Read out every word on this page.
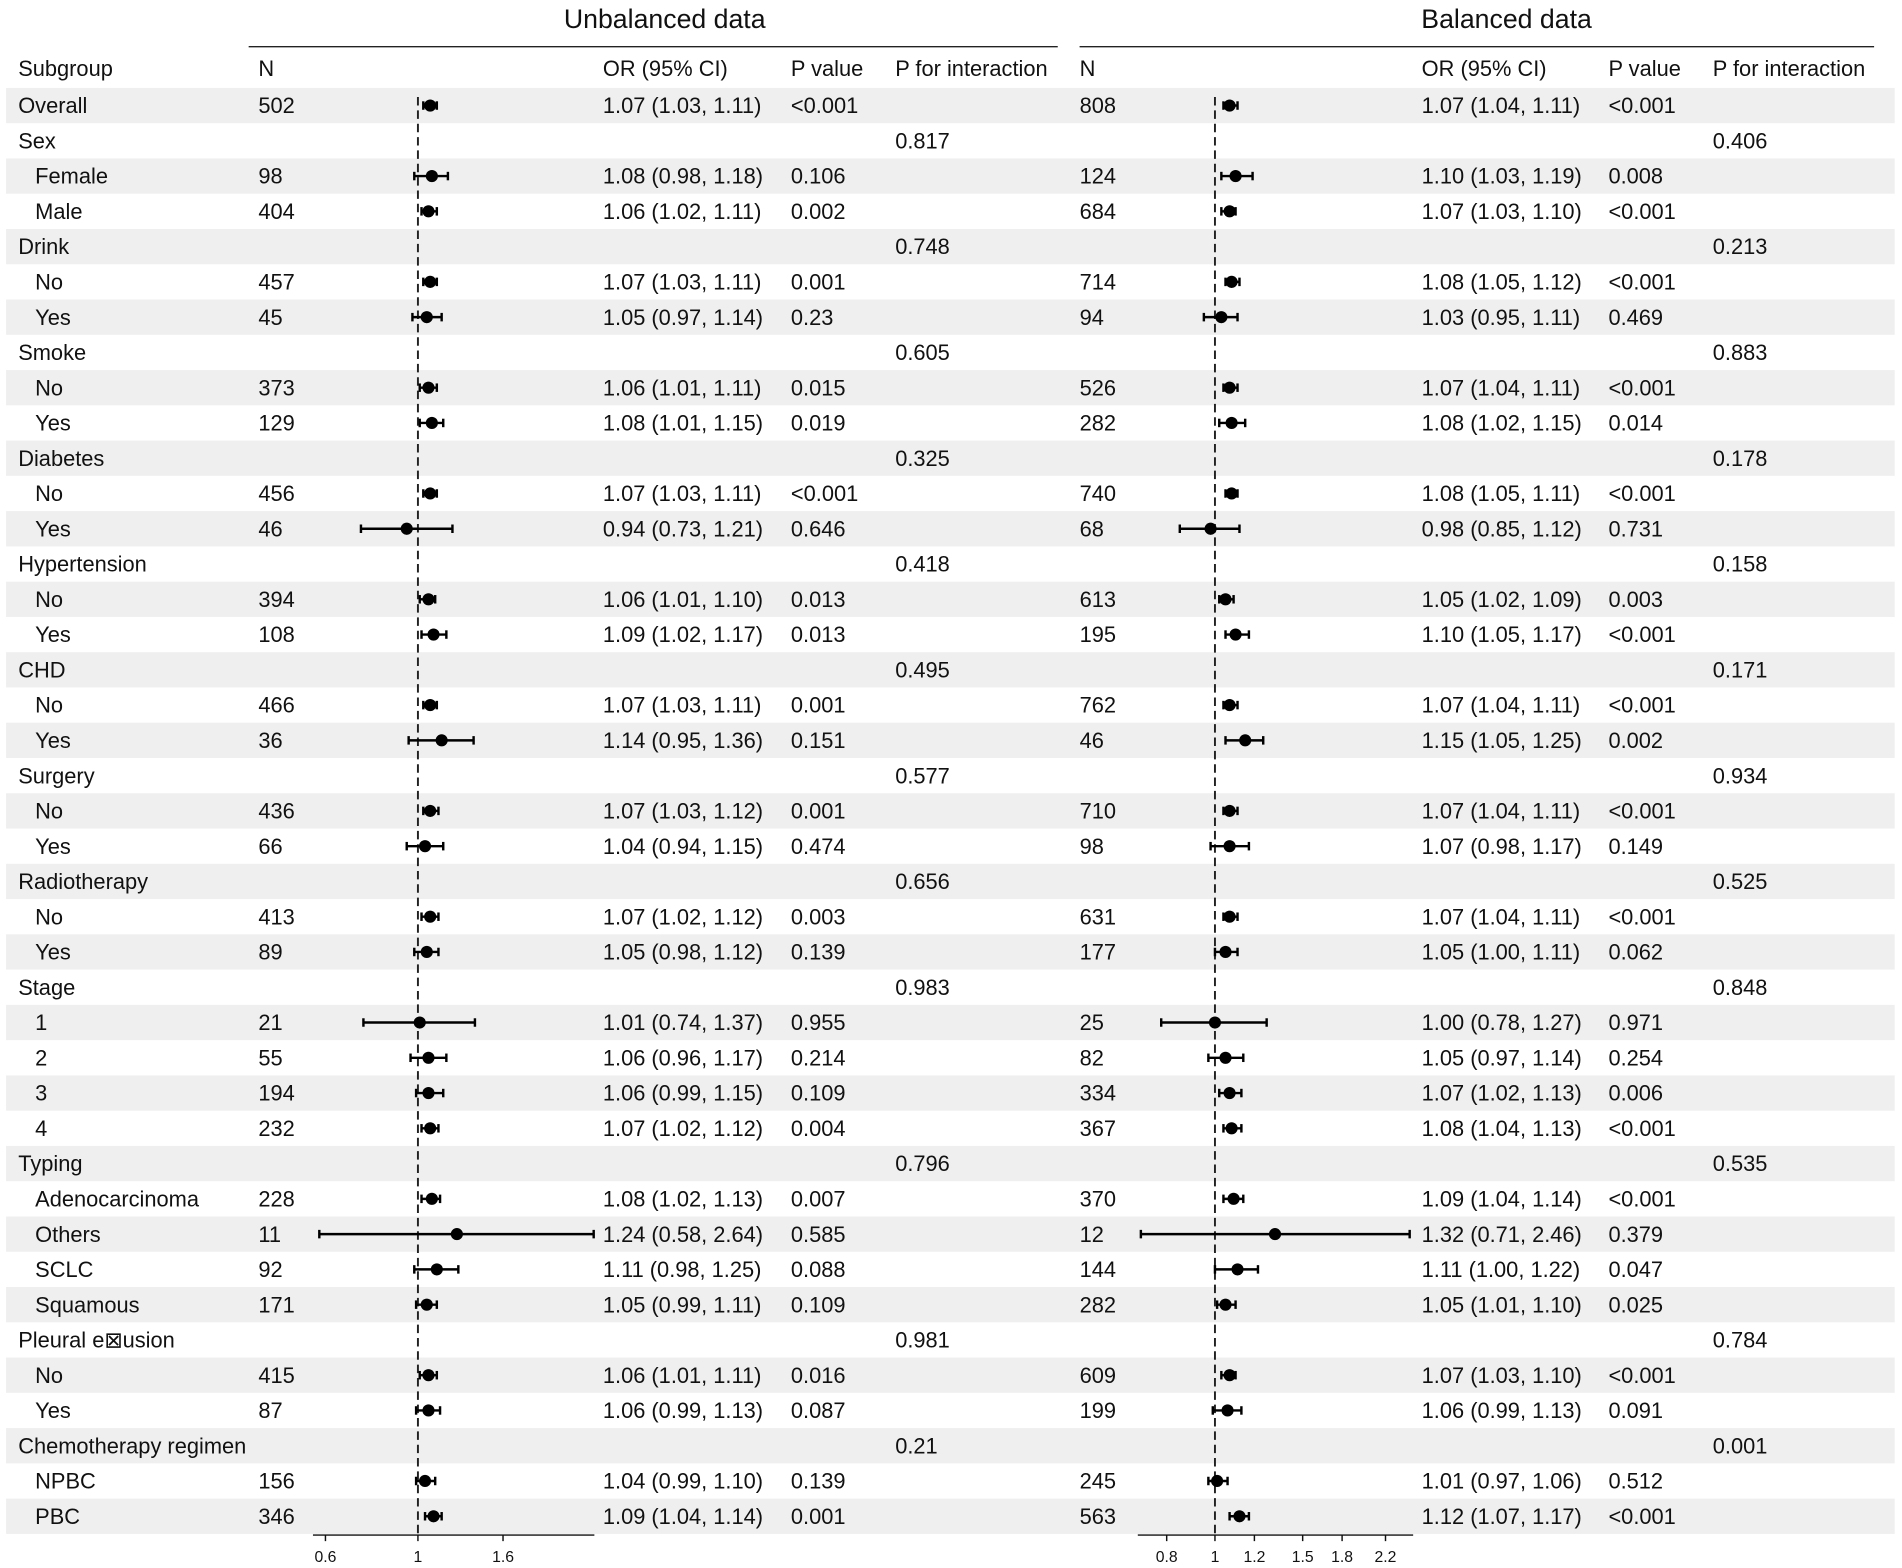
Unbalanced data	Balanced data
Subgroup	N	OR (95% CI)	P value P for interaction N	OR (95% CI)	P value P for interaction
Overall	502	1.07 (1.03, 1.11) <0.001	808	1.07 (1.04, 1.11) <0.001
Sex	0.817	0.406
Female	98	1.08 (0.98, 1.18) 0.106	124	1.10 (1.03, 1.19) 0.008
Male	404	1.06 (1.02, 1.11) 0.002	684	1.07 (1.03, 1.10) <0.001
Drink	0.748	0.213
No	457	1.07 (1.03, 1.11) 0.001	714	1.08 (1.05, 1.12) <0.001
Yes	45	1.05 (0.97, 1.14) 0.23	94	1.03 (0.95, 1.11) 0.469
Smoke	0.605	0.883
No	373	1.06 (1.01, 1.11) 0.015	526	1.07 (1.04, 1.11) <0.001
Yes	129	1.08 (1.01, 1.15) 0.019	282	1.08 (1.02, 1.15) 0.014
Diabetes	0.325	0.178
No	456	1.07 (1.03, 1.11) <0.001	740	1.08 (1.05, 1.11) <0.001
Yes	46	0.94 (0.73, 1.21) 0.646	68	0.98 (0.85, 1.12) 0.731
Hypertension	0.418	0.158
No	394	1.06 (1.01, 1.10) 0.013	613	1.05 (1.02, 1.09) 0.003
Yes	108	1.09 (1.02, 1.17) 0.013	195	1.10 (1.05, 1.17) <0.001
CHD	0.495	0.171
No	466	1.07 (1.03, 1.11) 0.001	762	1.07 (1.04, 1.11) <0.001
Yes	36	1.14 (0.95, 1.36) 0.151	46	1.15 (1.05, 1.25) 0.002
Surgery	0.577	0.934
No	436	1.07 (1.03, 1.12) 0.001	710	1.07 (1.04, 1.11) <0.001
Yes	66	1.04 (0.94, 1.15) 0.474	98	1.07 (0.98, 1.17) 0.149
Radiotherapy	0.656	0.525
No	413	1.07 (1.02, 1.12) 0.003	631	1.07 (1.04, 1.11) <0.001
Yes	89	1.05 (0.98, 1.12) 0.139	177	1.05 (1.00, 1.11) 0.062
Stage	0.983	0.848
1	21	1.01 (0.74, 1.37) 0.955	25	1.00 (0.78, 1.27) 0.971
2	55	1.06 (0.96, 1.17) 0.214	82	1.05 (0.97, 1.14) 0.254
3	194	1.06 (0.99, 1.15) 0.109	334	1.07 (1.02, 1.13) 0.006
4	232	1.07 (1.02, 1.12) 0.004	367	1.08 (1.04, 1.13) <0.001
Typing	0.796	0.535
Adenocarcinoma	228	1.08 (1.02, 1.13) 0.007	370	1.09 (1.04, 1.14) <0.001
Others	11	1.24 (0.58, 2.64) 0.585	12	1.32 (0.71, 2.46) 0.379
SCLC	92	1.11 (0.98, 1.25) 0.088	144	1.11 (1.00, 1.22) 0.047
Squamous	171	1.05 (0.99, 1.11) 0.109	282	1.05 (1.01, 1.10) 0.025
Pleural e⊠usion	0.981	0.784
No	415	1.06 (1.01, 1.11) 0.016	609	1.07 (1.03, 1.10) <0.001
Yes	87	1.06 (0.99, 1.13) 0.087	199	1.06 (0.99, 1.13) 0.091
Chemotherapy regimen	0.21	0.001
NPBC	156	1.04 (0.99, 1.10) 0.139	245	1.01 (0.97, 1.06) 0.512
PBC	346	1.09 (1.04, 1.14) 0.001	563	1.12 (1.07, 1.17) <0.001
0.6	1	1.6	0.8	1 1.2 1.5 1.8 2.2
